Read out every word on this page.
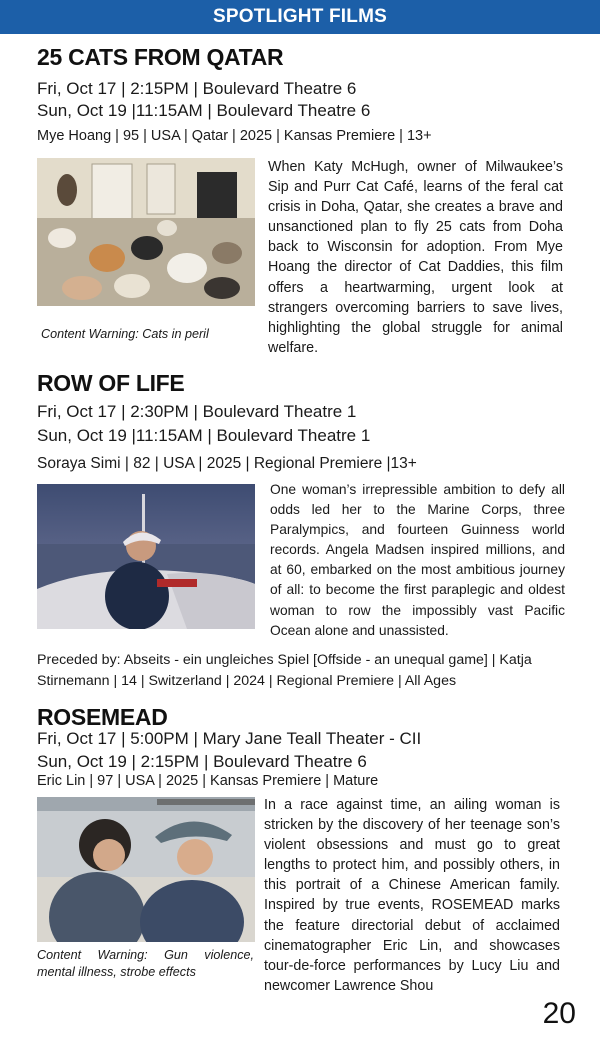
SPOTLIGHT FILMS
25 CATS FROM QATAR
Fri, Oct 17 | 2:15PM | Boulevard Theatre 6
Sun, Oct 19 |11:15AM | Boulevard Theatre 6
Mye Hoang | 95 | USA | Qatar | 2025 | Kansas Premiere | 13+
Content Warning: Cats in peril
When Katy McHugh, owner of Milwaukee’s Sip and Purr Cat Café, learns of the feral cat crisis in Doha, Qatar, she creates a brave and unsanctioned plan to fly 25 cats from Doha back to Wisconsin for adoption. From Mye Hoang the director of Cat Daddies, this film offers a heartwarming, urgent look at strangers overcoming barriers to save lives, highlighting the global struggle for animal welfare.
ROW OF LIFE
Fri, Oct 17 | 2:30PM | Boulevard Theatre 1
Sun, Oct 19 |11:15AM | Boulevard Theatre 1
Soraya Simi | 82 | USA | 2025 | Regional Premiere |13+
One woman’s irrepressible ambition to defy all odds led her to the Marine Corps, three Paralympics, and fourteen Guinness world records. Angela Madsen inspired millions, and at 60, embarked on the most ambitious journey of all: to become the first paraplegic and oldest woman to row the impossibly vast Pacific Ocean alone and unassisted.
Preceded by: Abseits - ein ungleiches Spiel [Offside - an unequal game] | Katja Stirnemann | 14 | Switzerland | 2024 | Regional Premiere | All Ages
ROSEMEAD
Fri, Oct 17 | 5:00PM | Mary Jane Teall Theater - CII
Sun, Oct 19 | 2:15PM | Boulevard Theatre 6
Eric Lin | 97 | USA | 2025 | Kansas Premiere | Mature
Content Warning: Gun violence, mental illness, strobe effects
In a race against time, an ailing woman is stricken by the discovery of her teenage son’s violent obsessions and must go to great lengths to protect him, and possibly others, in this portrait of a Chinese American family. Inspired by true events, ROSEMEAD marks the feature directorial debut of acclaimed cinematographer Eric Lin, and showcases tour-de-force performances by Lucy Liu and newcomer Lawrence Shou
20
